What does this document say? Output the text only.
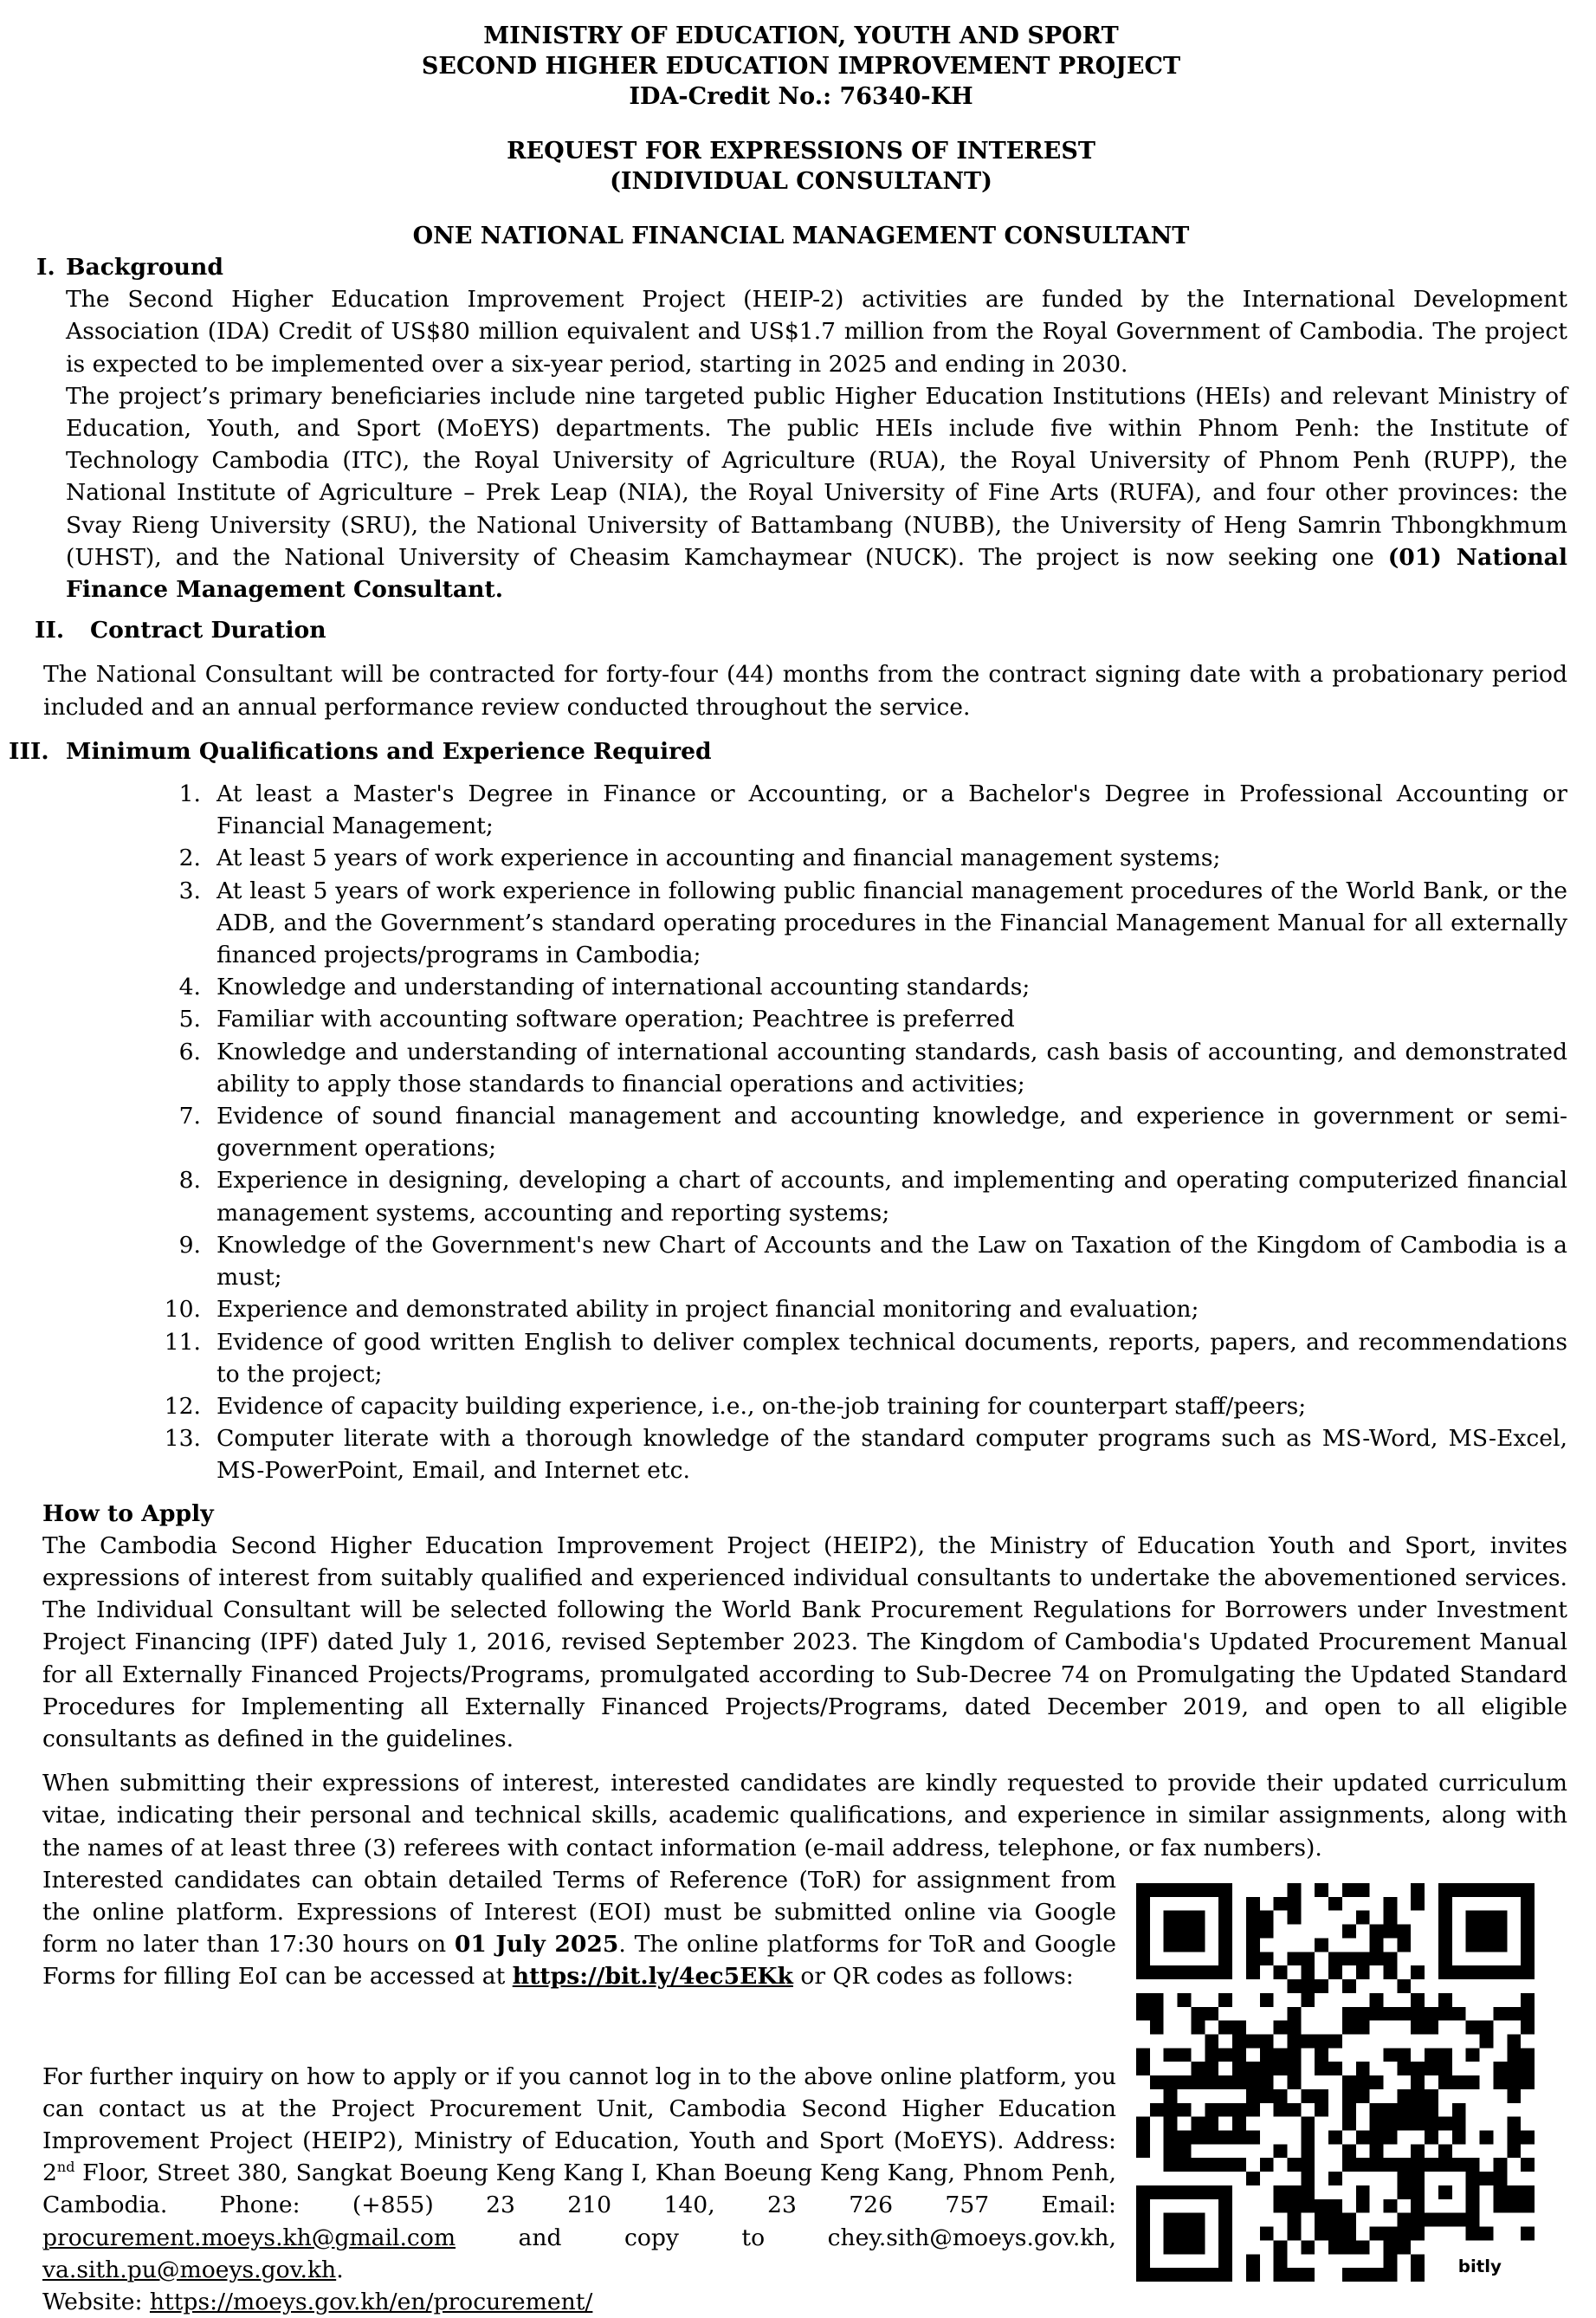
MINISTRY OF EDUCATION, YOUTH AND SPORT
SECOND HIGHER EDUCATION IMPROVEMENT PROJECT
IDA-Credit No.: 76340-KH
REQUEST FOR EXPRESSIONS OF INTEREST
(INDIVIDUAL CONSULTANT)
ONE NATIONAL FINANCIAL MANAGEMENT CONSULTANT
I. Background
The Second Higher Education Improvement Project (HEIP-2) activities are funded by the International Development Association (IDA) Credit of US$80 million equivalent and US$1.7 million from the Royal Government of Cambodia. The project is expected to be implemented over a six-year period, starting in 2025 and ending in 2030.
The project’s primary beneficiaries include nine targeted public Higher Education Institutions (HEIs) and relevant Ministry of Education, Youth, and Sport (MoEYS) departments. The public HEIs include five within Phnom Penh: the Institute of Technology Cambodia (ITC), the Royal University of Agriculture (RUA), the Royal University of Phnom Penh (RUPP), the National Institute of Agriculture – Prek Leap (NIA), the Royal University of Fine Arts (RUFA), and four other provinces: the Svay Rieng University (SRU), the National University of Battambang (NUBB), the University of Heng Samrin Thbongkhmum (UHST), and the National University of Cheasim Kamchaymear (NUCK). The project is now seeking one (01) National Finance Management Consultant.
II.	Contract Duration
The National Consultant will be contracted for forty-four (44) months from the contract signing date with a probationary period included and an annual performance review conducted throughout the service.
III. Minimum Qualifications and Experience Required
1. At least a Master's Degree in Finance or Accounting, or a Bachelor's Degree in Professional Accounting or Financial Management;
2. At least 5 years of work experience in accounting and financial management systems;
3. At least 5 years of work experience in following public financial management procedures of the World Bank, or the ADB, and the Government’s standard operating procedures in the Financial Management Manual for all externally financed projects/programs in Cambodia;
4. Knowledge and understanding of international accounting standards;
5. Familiar with accounting software operation; Peachtree is preferred
6. Knowledge and understanding of international accounting standards, cash basis of accounting, and demonstrated ability to apply those standards to financial operations and activities;
7. Evidence of sound financial management and accounting knowledge, and experience in government or semi-government operations;
8. Experience in designing, developing a chart of accounts, and implementing and operating computerized financial management systems, accounting and reporting systems;
9. Knowledge of the Government's new Chart of Accounts and the Law on Taxation of the Kingdom of Cambodia is a must;
10. Experience and demonstrated ability in project financial monitoring and evaluation;
11. Evidence of good written English to deliver complex technical documents, reports, papers, and recommendations to the project;
12. Evidence of capacity building experience, i.e., on-the-job training for counterpart staff/peers;
13. Computer literate with a thorough knowledge of the standard computer programs such as MS-Word, MS-Excel, MS-PowerPoint, Email, and Internet etc.
How to Apply
The Cambodia Second Higher Education Improvement Project (HEIP2), the Ministry of Education Youth and Sport, invites expressions of interest from suitably qualified and experienced individual consultants to undertake the abovementioned services. The Individual Consultant will be selected following the World Bank Procurement Regulations for Borrowers under Investment Project Financing (IPF) dated July 1, 2016, revised September 2023. The Kingdom of Cambodia's Updated Procurement Manual for all Externally Financed Projects/Programs, promulgated according to Sub-Decree 74 on Promulgating the Updated Standard Procedures for Implementing all Externally Financed Projects/Programs, dated December 2019, and open to all eligible consultants as defined in the guidelines.
When submitting their expressions of interest, interested candidates are kindly requested to provide their updated curriculum vitae, indicating their personal and technical skills, academic qualifications, and experience in similar assignments, along with the names of at least three (3) referees with contact information (e-mail address, telephone, or fax numbers).
Interested candidates can obtain detailed Terms of Reference (ToR) for assignment from the online platform. Expressions of Interest (EOI) must be submitted online via Google form no later than 17:30 hours on 01 July 2025. The online platforms for ToR and Google Forms for filling EoI can be accessed at https://bit.ly/4ec5EKk or QR codes as follows:
For further inquiry on how to apply or if you cannot log in to the above online platform, you can contact us at the Project Procurement Unit, Cambodia Second Higher Education Improvement Project (HEIP2), Ministry of Education, Youth and Sport (MoEYS). Address: 2nd Floor, Street 380, Sangkat Boeung Keng Kang I, Khan Boeung Keng Kang, Phnom Penh, Cambodia. Phone: (+855) 23 210 140, 23 726 757 Email: procurement.moeys.kh@gmail.com and copy to chey.sith@moeys.gov.kh, va.sith.pu@moeys.gov.kh.
Website: https://moeys.gov.kh/en/procurement/
bitly
